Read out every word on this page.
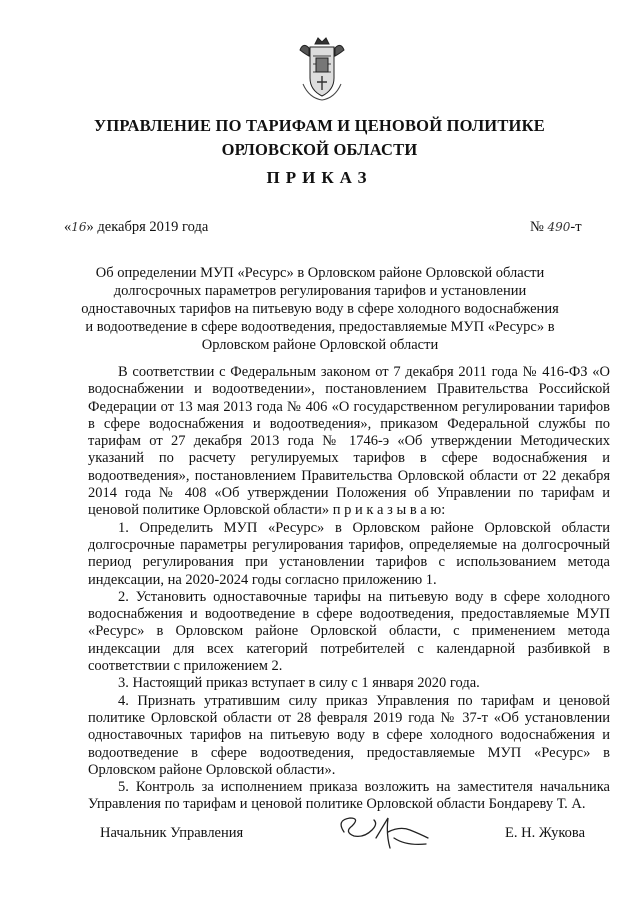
УПРАВЛЕНИЕ ПО ТАРИФАМ И ЦЕНОВОЙ ПОЛИТИКЕ
ОРЛОВСКОЙ ОБЛАСТИ
ПРИКАЗ
«16» декабря 2019 года	№ 490-т
Об определении МУП «Ресурс» в Орловском районе Орловской области долгосрочных параметров регулирования тарифов и установлении одноставочных тарифов на питьевую воду в сфере холодного водоснабжения и водоотведение в сфере водоотведения, предоставляемые МУП «Ресурс» в Орловском районе Орловской области

В соответствии с Федеральным законом от 7 декабря 2011 года № 416-ФЗ «О водоснабжении и водоотведении», постановлением Правительства Российской Федерации от 13 мая 2013 года № 406 «О государственном регулировании тарифов в сфере водоснабжения и водоотведения», приказом Федеральной службы по тарифам от 27 декабря 2013 года № 1746-э «Об утверждении Методических указаний по расчету регулируемых тарифов в сфере водоснабжения и водоотведения», постановлением Правительства Орловской области от 22 декабря 2014 года № 408 «Об утверждении Положения об Управлении по тарифам и ценовой политике Орловской области» п р и к а з ы в а ю:

1. Определить МУП «Ресурс» в Орловском районе Орловской области долгосрочные параметры регулирования тарифов, определяемые на долгосрочный период регулирования при установлении тарифов с использованием метода индексации, на 2020-2024 годы согласно приложению 1.

2. Установить одноставочные тарифы на питьевую воду в сфере холодного водоснабжения и водоотведение в сфере водоотведения, предоставляемые МУП «Ресурс» в Орловском районе Орловской области, с применением метода индексации для всех категорий потребителей с календарной разбивкой в соответствии с приложением 2.

3. Настоящий приказ вступает в силу с 1 января 2020 года.

4. Признать утратившим силу приказ Управления по тарифам и ценовой политике Орловской области от 28 февраля 2019 года № 37-т «Об установлении одноставочных тарифов на питьевую воду в сфере холодного водоснабжения и водоотведение в сфере водоотведения, предоставляемые МУП «Ресурс» в Орловском районе Орловской области».

5. Контроль за исполнением приказа возложить на заместителя начальника Управления по тарифам и ценовой политике Орловской области Бондареву Т. А.

Начальник Управления	Е. Н. Жукова
